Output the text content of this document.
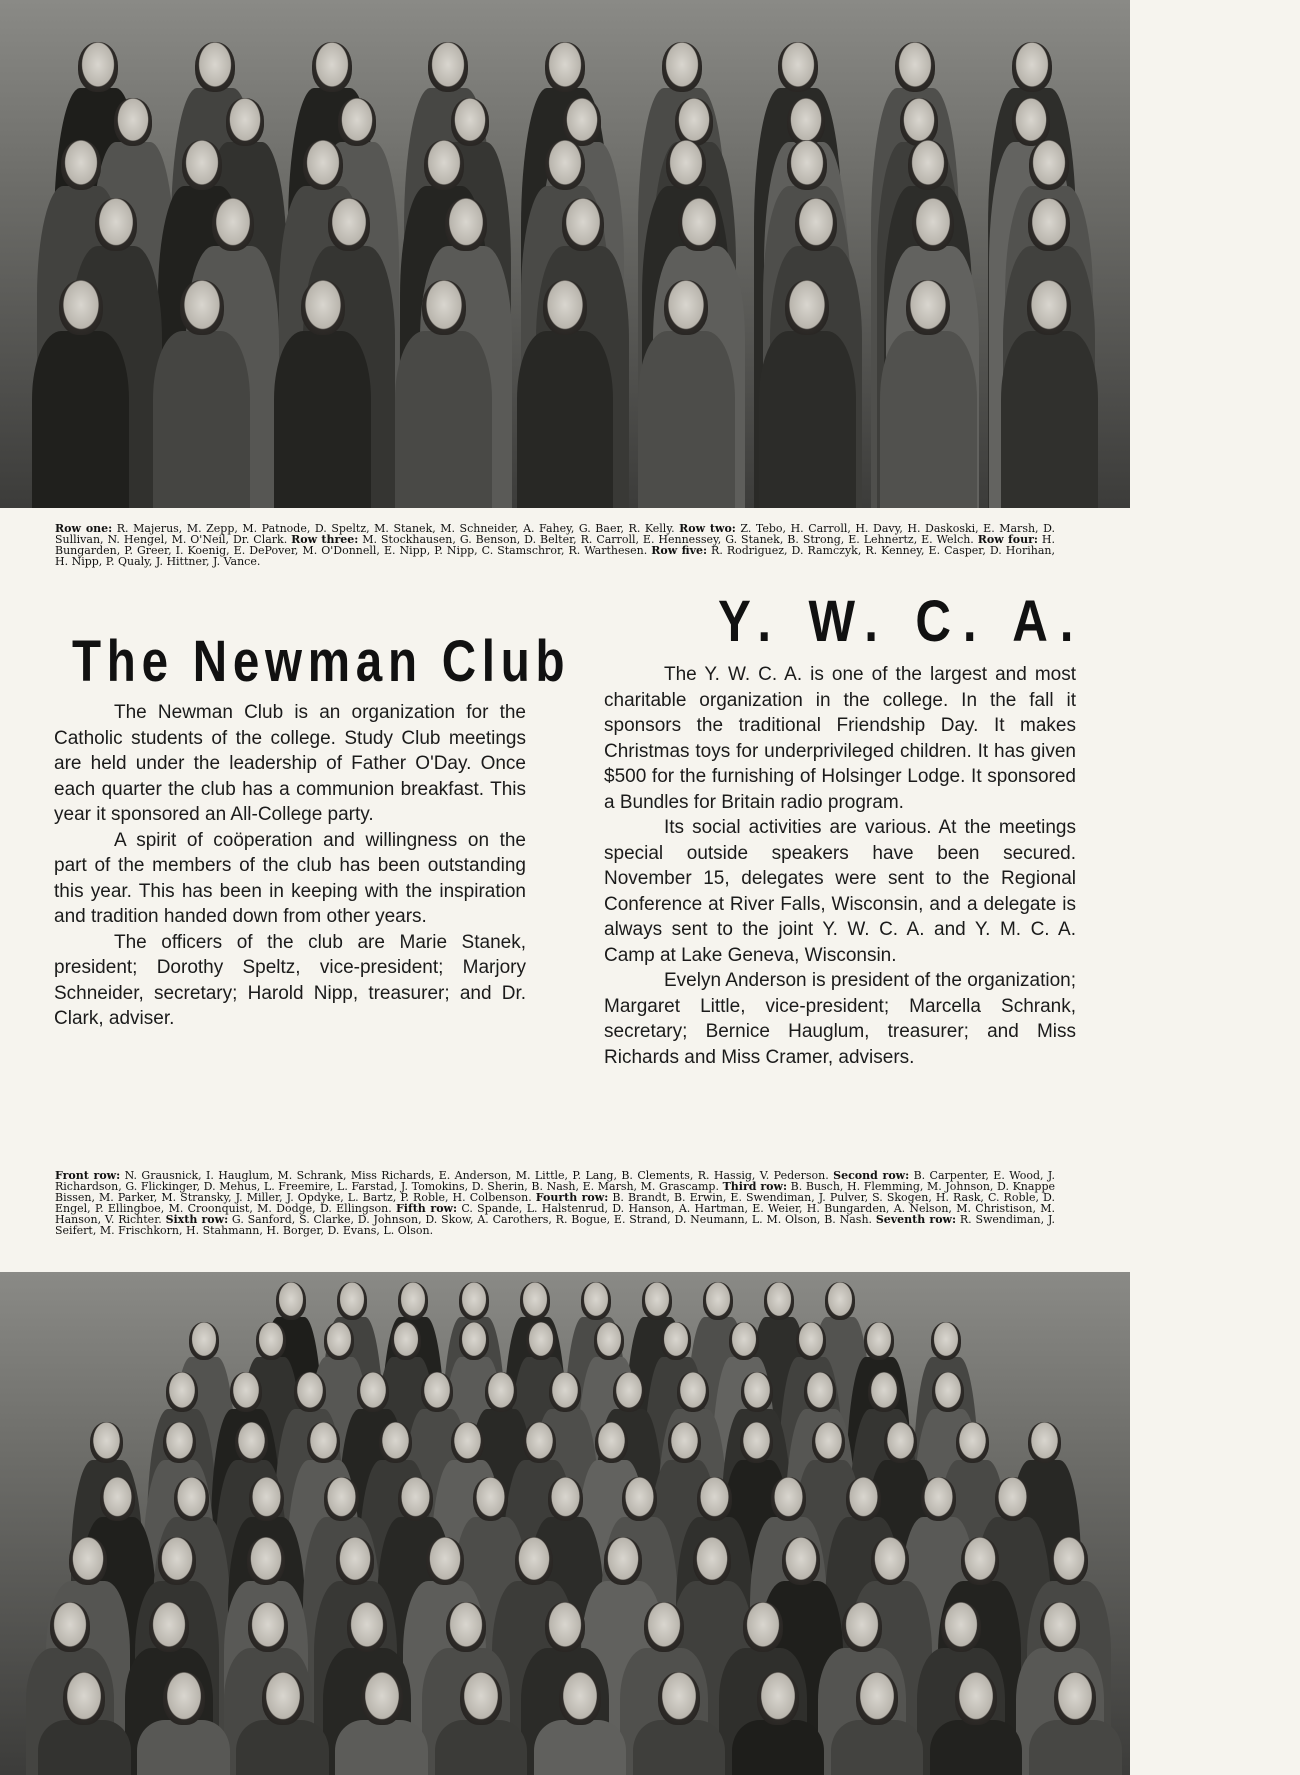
Row one: R. Majerus, M. Zepp, M. Patnode, D. Speltz, M. Stanek, M. Schneider, A. Fahey, G. Baer, R. Kelly. Row two: Z. Tebo, H. Carroll, H. Davy, H. Daskoski, E. Marsh, D. Sullivan, N. Hengel, M. O'Neil, Dr. Clark. Row three: M. Stockhausen, G. Benson, D. Belter, R. Carroll, E. Hennessey, G. Stanek, B. Strong, E. Lehnertz, E. Welch. Row four: H. Bungarden, P. Greer, I. Koenig, E. DePover, M. O'Donnell, E. Nipp, P. Nipp, C. Stamschror, R. Warthesen. Row five: R. Rodriguez, D. Ramczyk, R. Kenney, E. Casper, D. Horihan, H. Nipp, P. Qualy, J. Hittner, J. Vance.
The Newman Club

The Newman Club is an organization for the Catholic students of the college. Study Club meetings are held under the leadership of Father O'Day. Once each quarter the club has a communion breakfast. This year it sponsored an All-College party.

A spirit of coöperation and willingness on the part of the members of the club has been outstanding this year. This has been in keeping with the inspiration and tradition handed down from other years.

The officers of the club are Marie Stanek, president; Dorothy Speltz, vice-president; Marjory Schneider, secretary; Harold Nipp, treasurer; and Dr. Clark, adviser.

Y. W. C. A.

The Y. W. C. A. is one of the largest and most charitable organization in the college. In the fall it sponsors the traditional Friendship Day. It makes Christmas toys for underprivileged children. It has given $500 for the furnishing of Holsinger Lodge. It sponsored a Bundles for Britain radio program.

Its social activities are various. At the meetings special outside speakers have been secured. November 15, delegates were sent to the Regional Conference at River Falls, Wisconsin, and a delegate is always sent to the joint Y. W. C. A. and Y. M. C. A. Camp at Lake Geneva, Wisconsin.

Evelyn Anderson is president of the organization; Margaret Little, vice-president; Marcella Schrank, secretary; Bernice Hauglum, treasurer; and Miss Richards and Miss Cramer, advisers.

Front row: N. Grausnick, I. Hauglum, M. Schrank, Miss Richards, E. Anderson, M. Little, P. Lang, B. Clements, R. Hassig, V. Pederson. Second row: B. Carpenter, E. Wood, J. Richardson, G. Flickinger, D. Mehus, L. Freemire, L. Farstad, J. Tomokins, D. Sherin, B. Nash, E. Marsh, M. Grascamp. Third row: B. Busch, H. Flemming, M. Johnson, D. Knappe Bissen, M. Parker, M. Stransky, J. Miller, J. Opdyke, L. Bartz, P. Roble, H. Colbenson. Fourth row: B. Brandt, B. Erwin, E. Swendiman, J. Pulver, S. Skogen, H. Rask, C. Roble, D. Engel, P. Ellingboe, M. Croonquist, M. Dodge, D. Ellingson. Fifth row: C. Spande, L. Halstenrud, D. Hanson, A. Hartman, E. Weier, H. Bungarden, A. Nelson, M. Christison, M. Hanson, V. Richter. Sixth row: G. Sanford, S. Clarke, D. Johnson, D. Skow, A. Carothers, R. Bogue, E. Strand, D. Neumann, L. M. Olson, B. Nash. Seventh row: R. Swendiman, J. Seifert, M. Frischkorn, H. Stahmann, H. Borger, D. Evans, L. Olson.
